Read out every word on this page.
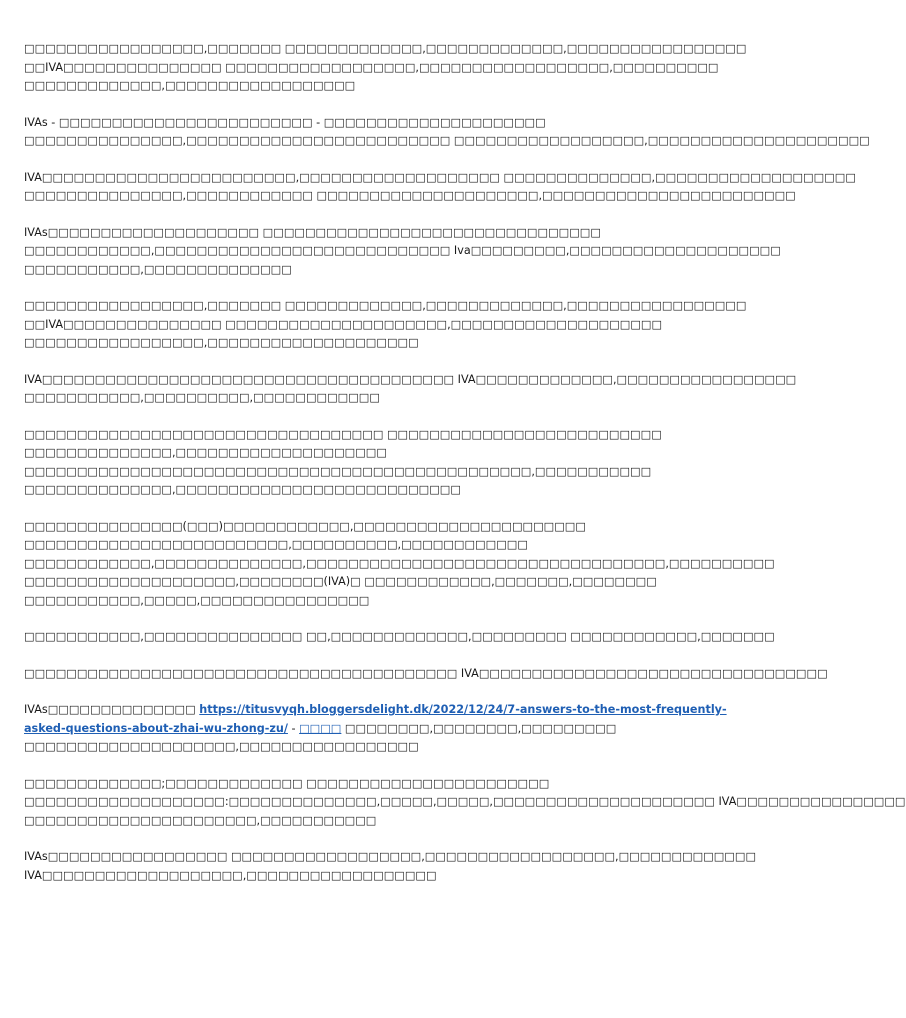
□□□□□□□□□□□□□□□□□,□□□□□□□ □□□□□□□□□□□□□,□□□□□□□□□□□□□,□□□□□□□□□□□□□□□□□
□□IVA□□□□□□□□□□□□□□□ □□□□□□□□□□□□□□□□□□,□□□□□□□□□□□□□□□□□□,□□□□□□□□□□
□□□□□□□□□□□□□,□□□□□□□□□□□□□□□□□□

IVAs - □□□□□□□□□□□□□□□□□□□□□□□□ - □□□□□□□□□□□□□□□□□□□□□
□□□□□□□□□□□□□□□,□□□□□□□□□□□□□□□□□□□□□□□□□ □□□□□□□□□□□□□□□□□□,□□□□□□□□□□□□□□□□□□□□□

IVA□□□□□□□□□□□□□□□□□□□□□□□□,□□□□□□□□□□□□□□□□□□□ □□□□□□□□□□□□□□,□□□□□□□□□□□□□□□□□□□
□□□□□□□□□□□□□□□,□□□□□□□□□□□□ □□□□□□□□□□□□□□□□□□□□□,□□□□□□□□□□□□□□□□□□□□□□□□

IVAs□□□□□□□□□□□□□□□□□□□□ □□□□□□□□□□□□□□□□□□□□□□□□□□□□□□□□
□□□□□□□□□□□□,□□□□□□□□□□□□□□□□□□□□□□□□□□□□ Iva□□□□□□□□□,□□□□□□□□□□□□□□□□□□□□
□□□□□□□□□□□,□□□□□□□□□□□□□□

□□□□□□□□□□□□□□□□□,□□□□□□□ □□□□□□□□□□□□□,□□□□□□□□□□□□□,□□□□□□□□□□□□□□□□□
□□IVA□□□□□□□□□□□□□□□ □□□□□□□□□□□□□□□□□□□□□,□□□□□□□□□□□□□□□□□□□□
□□□□□□□□□□□□□□□□□,□□□□□□□□□□□□□□□□□□□□

IVA□□□□□□□□□□□□□□□□□□□□□□□□□□□□□□□□□□□□□□□ IVA□□□□□□□□□□□□□,□□□□□□□□□□□□□□□□□
□□□□□□□□□□□,□□□□□□□□□□,□□□□□□□□□□□□

□□□□□□□□□□□□□□□□□□□□□□□□□□□□□□□□□□ □□□□□□□□□□□□□□□□□□□□□□□□□□
□□□□□□□□□□□□□□,□□□□□□□□□□□□□□□□□□□□
□□□□□□□□□□□□□□□□□□□□□□□□□□□□□□□□□□□□□□□□□□□□□□□□,□□□□□□□□□□□
□□□□□□□□□□□□□□,□□□□□□□□□□□□□□□□□□□□□□□□□□□

□□□□□□□□□□□□□□□(□□□)□□□□□□□□□□□□,□□□□□□□□□□□□□□□□□□□□□□
□□□□□□□□□□□□□□□□□□□□□□□□□,□□□□□□□□□□,□□□□□□□□□□□□
□□□□□□□□□□□□,□□□□□□□□□□□□□□,□□□□□□□□□□□□□□□□□□□□□□□□□□□□□□□□□□,□□□□□□□□□□
□□□□□□□□□□□□□□□□□□□□,□□□□□□□□(IVA)□ □□□□□□□□□□□□,□□□□□□□,□□□□□□□□
□□□□□□□□□□□,□□□□□,□□□□□□□□□□□□□□□□

□□□□□□□□□□□,□□□□□□□□□□□□□□□ □□,□□□□□□□□□□□□□,□□□□□□□□□ □□□□□□□□□□□□,□□□□□□□

□□□□□□□□□□□□□□□□□□□□□□□□□□□□□□□□□□□□□□□□□ IVA□□□□□□□□□□□□□□□□□□□□□□□□□□□□□□□□□

IVAs□□□□□□□□□□□□□□ https://titusvyqh.bloggersdelight.dk/2022/12/24/7-answers-to-the-most-frequently-
asked-questions-about-zhai-wu-zhong-zu/ - □□□□ □□□□□□□□,□□□□□□□□,□□□□□□□□□
□□□□□□□□□□□□□□□□□□□□,□□□□□□□□□□□□□□□□□

□□□□□□□□□□□□□;□□□□□□□□□□□□□ □□□□□□□□□□□□□□□□□□□□□□□
□□□□□□□□□□□□□□□□□□□:□□□□□□□□□□□□□□,□□□□□,□□□□□,□□□□□□□□□□□□□□□□□□□□□ IVA□□□□□□□□□□□□□□□□
□□□□□□□□□□□□□□□□□□□□□□,□□□□□□□□□□□

IVAs□□□□□□□□□□□□□□□□□ □□□□□□□□□□□□□□□□□□,□□□□□□□□□□□□□□□□□□,□□□□□□□□□□□□□
IVA□□□□□□□□□□□□□□□□□□□,□□□□□□□□□□□□□□□□□□
